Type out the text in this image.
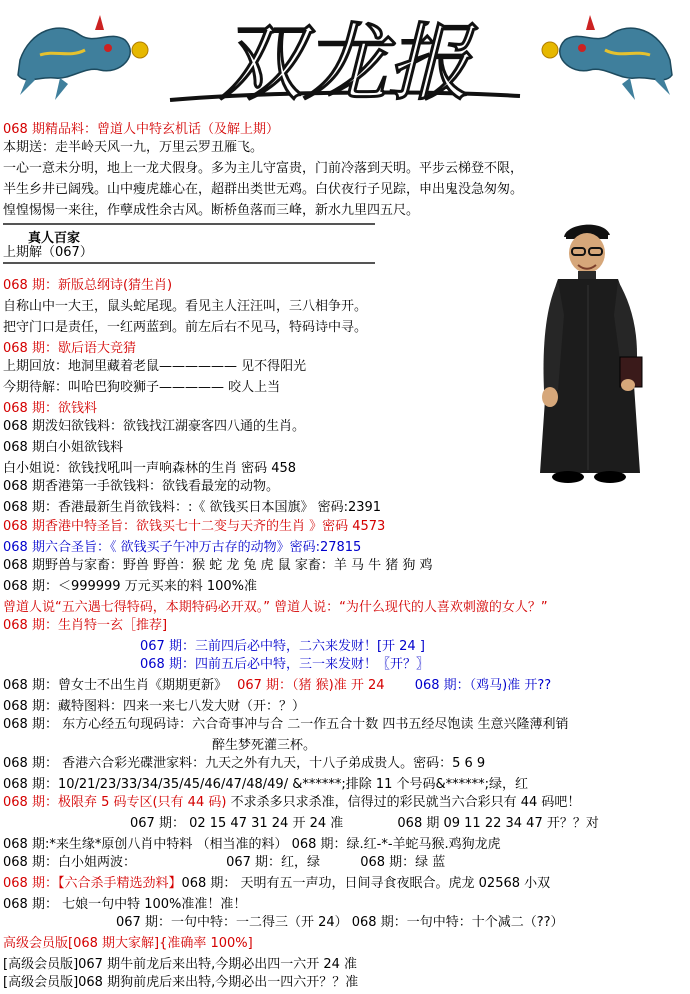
双龙报
068 期精品料：曾道人中特玄机话（及解上期）
本期送：走半岭天风一九，万里云罗丑雁飞。
一心一意未分明，地上一龙犬假身。多为主儿守富贵，门前冷落到天明。平步云梯登不限，
半生乡井已阔残。山中瘦虎雄心在，超群出类世无鸡。白伏夜行子见踪，申出鬼没急匆匆。
惶惶惕惕一来往，作孽成性余古风。断桥鱼落而三峰，新水九里四五尺。
真人百家
上期解（067）
068 期：新版总纲诗(猜生肖)
自称山中一大王，鼠头蛇尾现。看见主人汪汪叫，三八相争开。
把守门口是责任，一红两蓝到。前左后右不见马，特码诗中寻。
068 期：歇后语大竞猜
上期回放：地洞里藏着老鼠—————— 见不得阳光
今期待解：叫哈巴狗咬狮子————— 咬人上当
068 期：欲钱料
068 期泼妇欲钱料：欲钱找江湖豪客四八通的生肖。
068 期白小姐欲钱料
白小姐说：欲钱找吼叫一声响森林的生肖 密码 458
068 期香港第一手欲钱料：欲钱看最宠的动物。
068 期：香港最新生肖欲钱料：:《 欲钱买日本国旗》 密码:2391
068 期香港中特圣旨：欲钱买七十二变与天齐的生肖 》密码 4573
068 期六合圣旨：《 欲钱买子午冲万古存的动物》密码:27815
068 期野兽与家畜：野兽 野兽：猴 蛇 龙 兔 虎 鼠 家畜：羊 马 牛 猪 狗 鸡
068 期：＜999999 万元买来的料 100%准
曾道人说“五六遇七得特码，本期特码必开双。” 曾道人说：“为什么现代的人喜欢刺激的女人？”
068 期：生肖特一玄［推荐]
067 期：三前四后必中特，二六来发财！[开 24 ]
068 期：四前五后必中特，三一来发财！〖开？〗
068 期：曾女士不出生肖《期期更新》 067 期：（猪 猴)准 开 24 068 期：（鸡马)准 开??
068 期：藏特图料：四来一来七八发大财（开：？）
068 期： 东方心经五句现码诗：六合奇事冲与合 二一作五合十数 四书五经尽饱读 生意兴隆薄利销
醉生梦死灌三杯。
068 期： 香港六合彩光碟泄家料：九天之外有九天，十八子弟成贵人。密码：5 6 9
068 期：10/21/23/33/34/35/45/46/47/48/49/ &******;排除 11 个号码&******;绿，红
068 期：极限弃 5 码专区(只有 44 码) 不求杀多只求杀准，信得过的彩民就当六合彩只有 44 码吧！
067 期： 02 15 47 31 24 开 24 准	068 期 09 11 22 34 47 开？？对
068 期:*来生缘*原创八肖中特料 （相当准的料） 068 期：绿.红-*-羊蛇马猴.鸡狗龙虎
068 期：白小姐两波：	067 期：红，绿	068 期：绿 蓝
068 期：【六合杀手精选劲料】068 期： 天明有五一声功，日间寻食夜眠合。虎龙 02568 小双
068 期： 七娘一句中特 100%准准！准！
067 期：一句中特：一二得三（开 24） 068 期：一句中特：十个减二（??）
高级会员版[068 期大家解]{准确率 100%]
[高级会员版]067 期牛前龙后来出特,今期必出四一六开 24 准
[高级会员版]068 期狗前虎后来出特,今期必出一四六开？？准
